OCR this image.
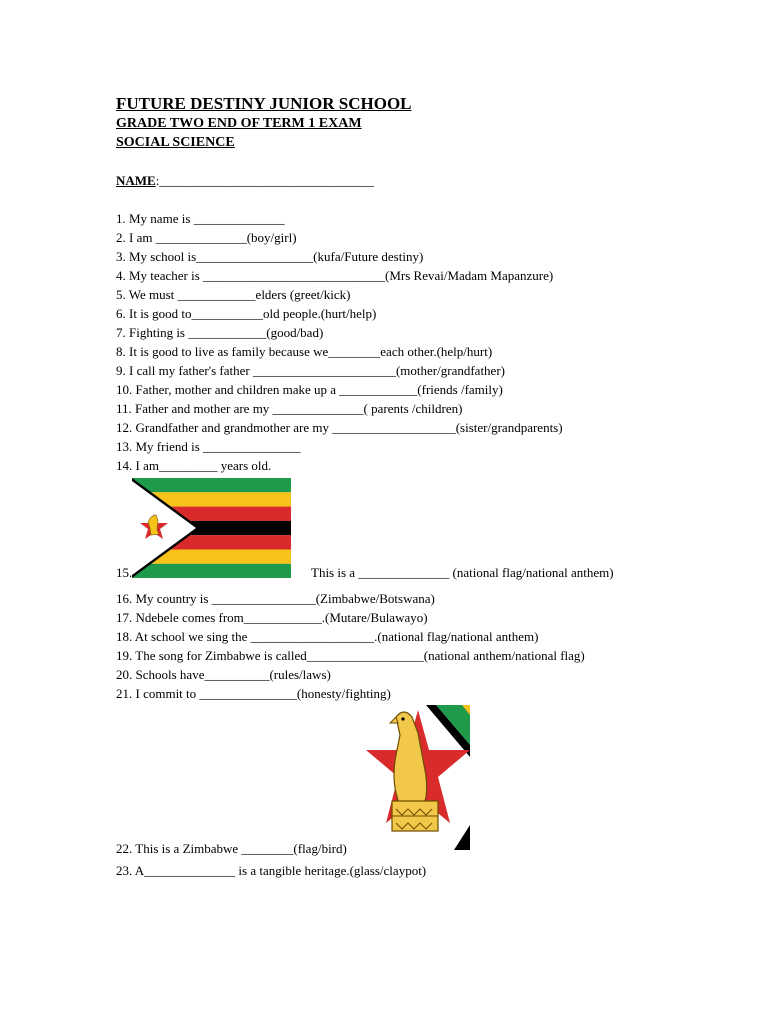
FUTURE DESTINY JUNIOR SCHOOL

GRADE TWO END OF TERM 1 EXAM

SOCIAL SCIENCE

NAME:_________________________________
1. My name is ______________
2. I am ______________(boy/girl)
3. My school is__________________(kufa/Future destiny)
4. My teacher is ____________________________(Mrs Revai/Madam Mapanzure)
5. We must ____________elders (greet/kick)
6. It is good to___________old people.(hurt/help)
7. Fighting is ____________(good/bad)
8. It is good to live as family because we________each other.(help/hurt)
9. I call my father's father ______________________(mother/grandfather)
10. Father, mother and children make up a ____________(friends /family)
11. Father and mother are my ______________( parents /children)
12. Grandfather and grandmother are my ___________________(sister/grandparents)
13. My friend is _______________
14. I am_________ years old.
15.	This is a ______________ (national flag/national anthem)
16. My country is ________________(Zimbabwe/Botswana)
17. Ndebele comes from____________.(Mutare/Bulawayo)
18. At school we sing the ___________________.(national flag/national anthem)
19. The song for Zimbabwe is called__________________(national anthem/national flag)
20. Schools have__________(rules/laws)
21. I commit to _______________(honesty/fighting)
22. This is a Zimbabwe ________(flag/bird)
23. A______________ is a tangible heritage.(glass/claypot)
